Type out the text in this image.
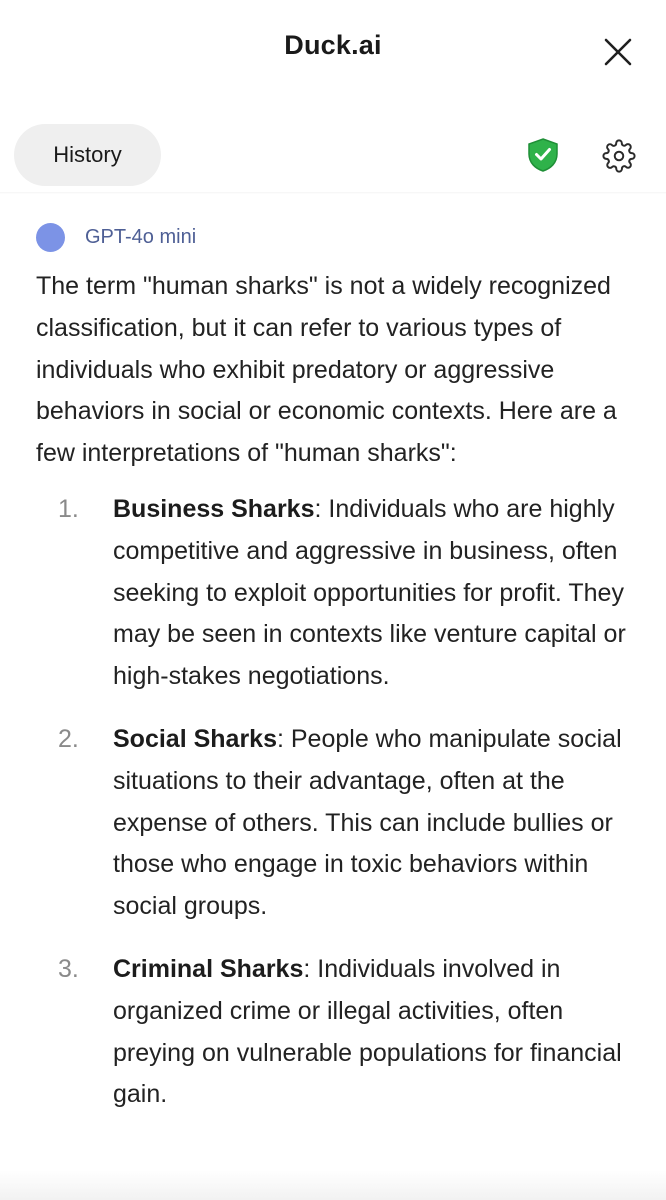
Duck.ai
History
GPT-4o mini

The term "human sharks" is not a widely recognized classification, but it can refer to various types of individuals who exhibit predatory or aggressive behaviors in social or economic contexts. Here are a few interpretations of "human sharks":

1. Business Sharks: Individuals who are highly competitive and aggressive in business, often seeking to exploit opportunities for profit. They may be seen in contexts like venture capital or high-stakes negotiations.
2. Social Sharks: People who manipulate social situations to their advantage, often at the expense of others. This can include bullies or those who engage in toxic behaviors within social groups.
3. Criminal Sharks: Individuals involved in organized crime or illegal activities, often preying on vulnerable populations for financial gain.
